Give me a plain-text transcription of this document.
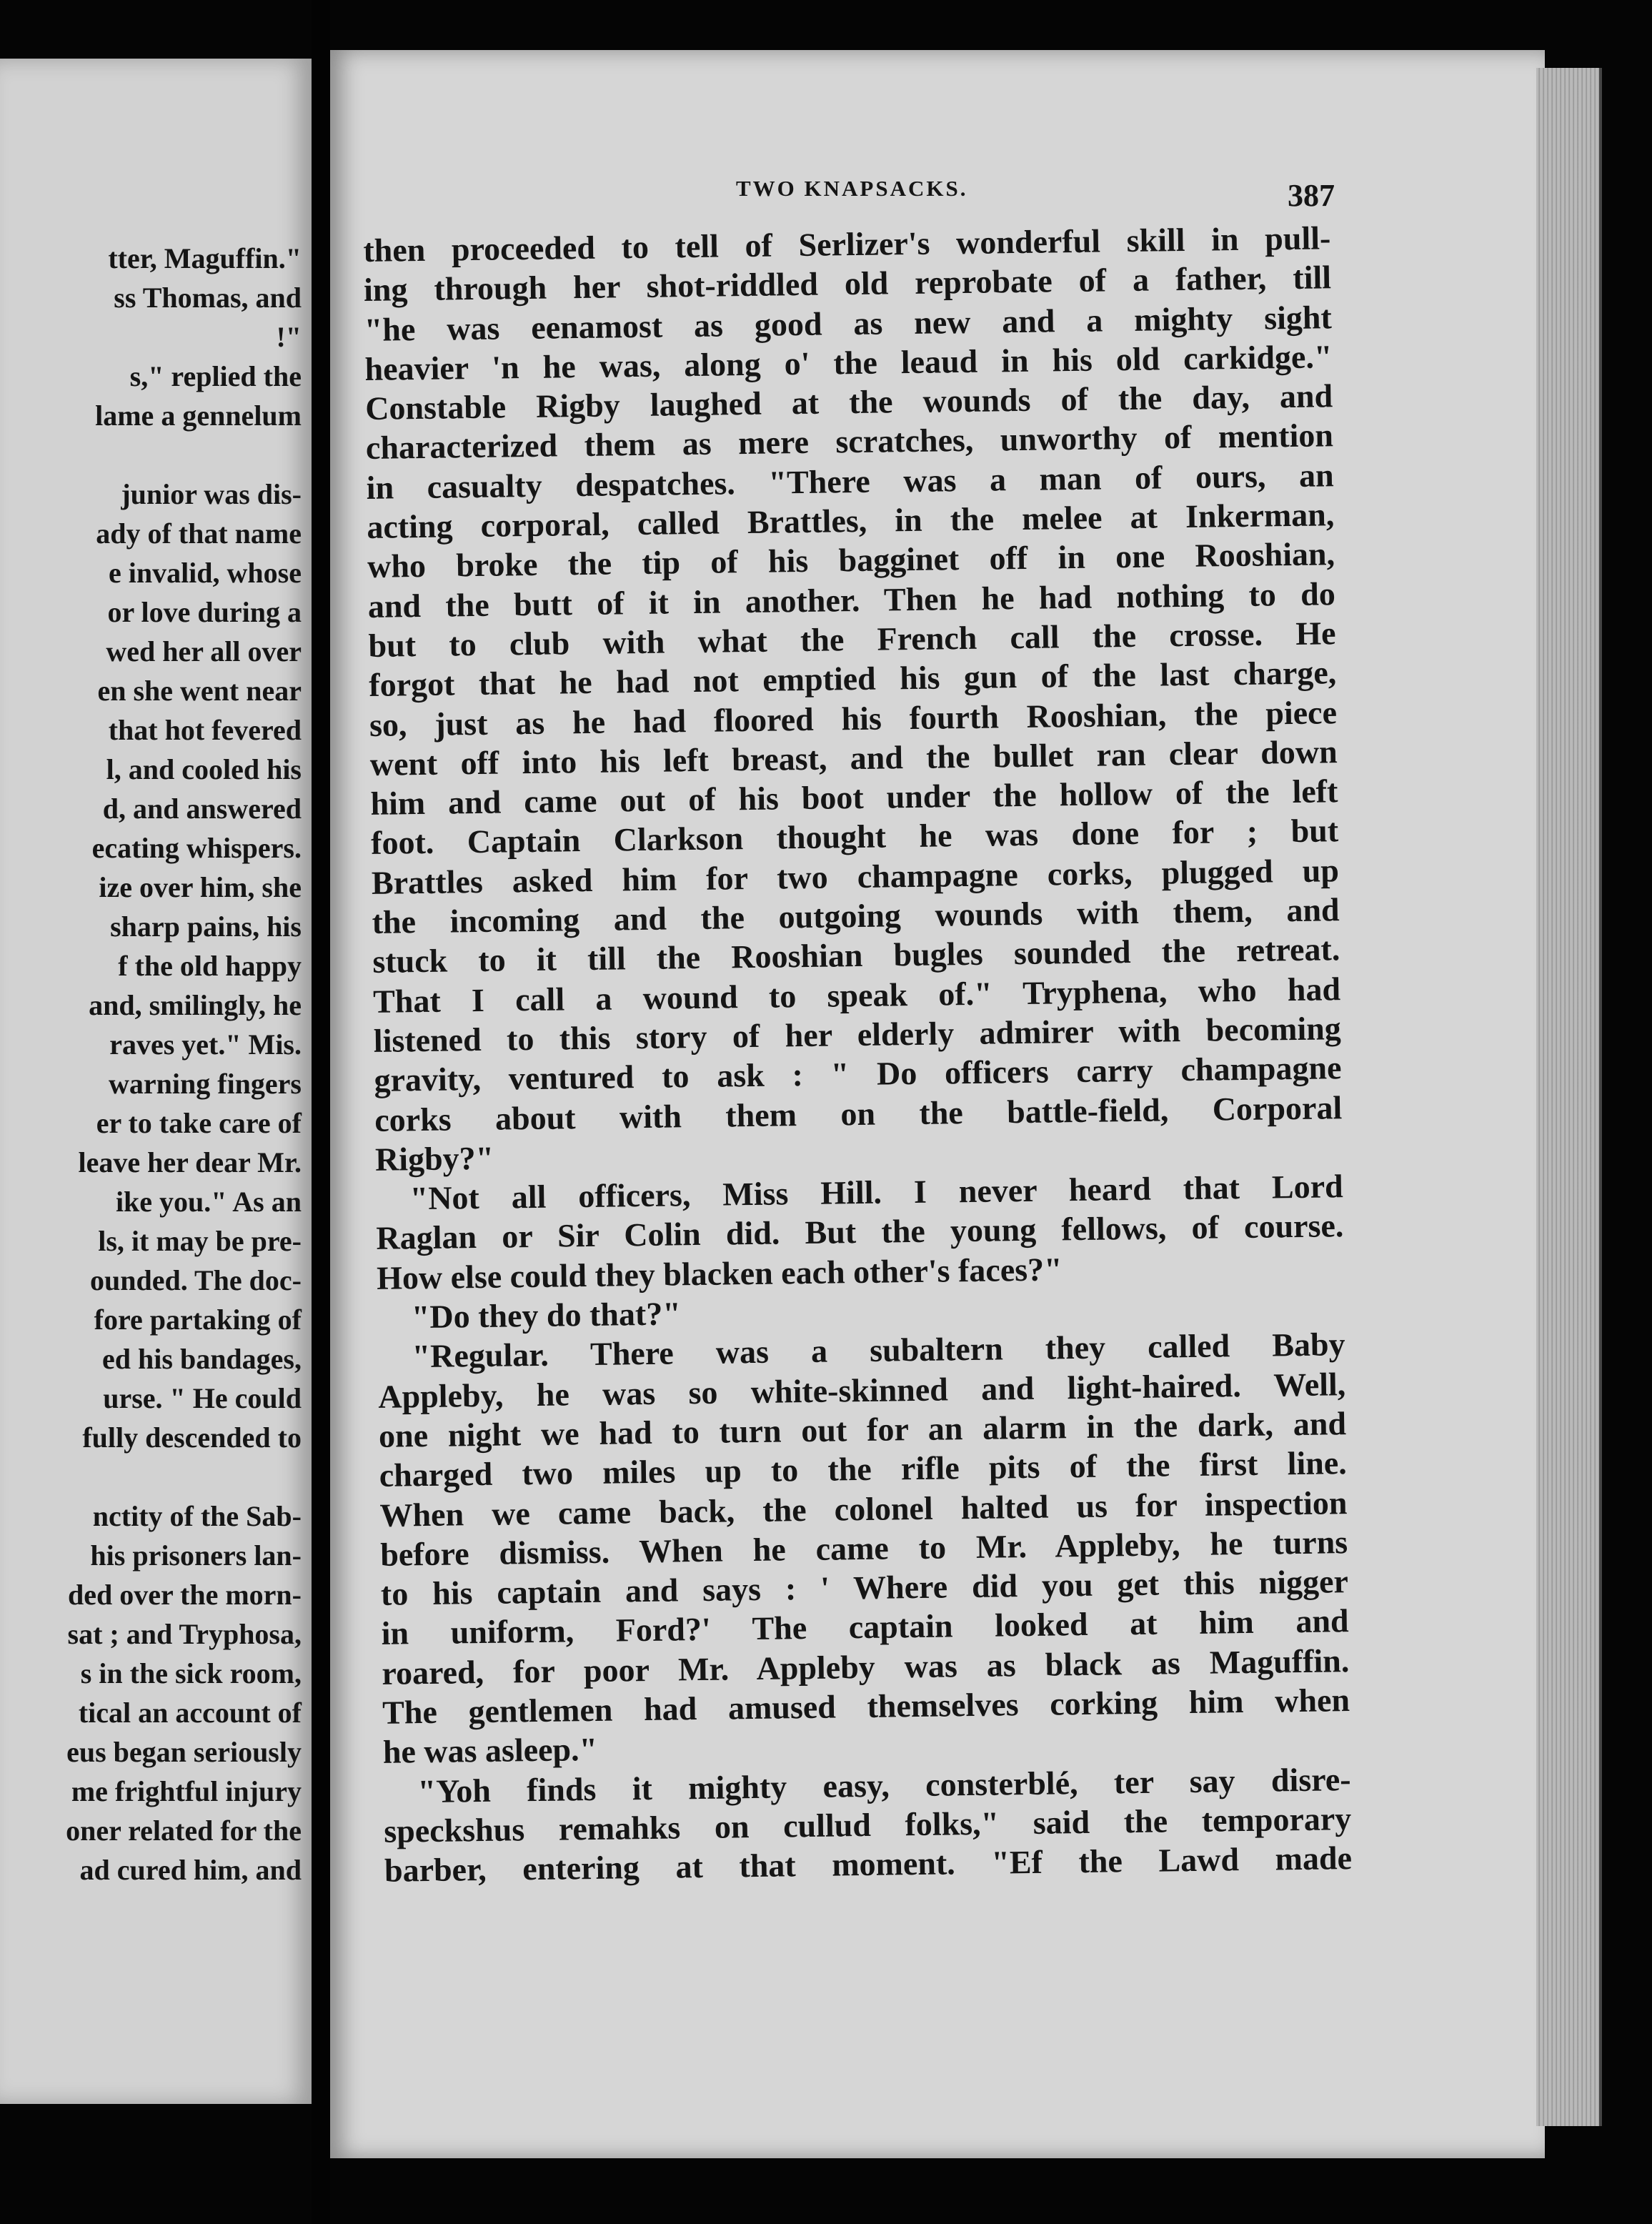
tter, Maguffin."
ss Thomas, and
!"
s," replied the
lame a gennelum
junior was dis-
ady of that name
e invalid, whose
or love during a
wed her all over
en she went near
that hot fevered
l, and cooled his
d, and answered
ecating whispers.
ize over him, she
sharp pains, his
f the old happy
and, smilingly, he
raves yet." Mis.
warning fingers
er to take care of
leave her dear Mr.
ike you." As an
ls, it may be pre-
ounded. The doc-
fore partaking of
ed his bandages,
urse. " He could
fully descended to
nctity of the Sab-
his prisoners lan-
ded over the morn-
sat ; and Tryphosa,
s in the sick room,
tical an account of
eus began seriously
me frightful injury
oner related for the
ad cured him, and
TWO KNAPSACKS.	387
then proceeded to tell of Serlizer's wonderful skill in pull-
ing through her shot-riddled old reprobate of a father, till
"he was eenamost as good as new and a mighty sight
heavier 'n he was, along o' the leaud in his old carkidge."
Constable Rigby laughed at the wounds of the day, and
characterized them as mere scratches, unworthy of mention
in casualty despatches. "There was a man of ours, an
acting corporal, called Brattles, in the melee at Inkerman,
who broke the tip of his bagginet off in one Rooshian,
and the butt of it in another. Then he had nothing to do
but to club with what the French call the crosse. He
forgot that he had not emptied his gun of the last charge,
so, just as he had floored his fourth Rooshian, the piece
went off into his left breast, and the bullet ran clear down
him and came out of his boot under the hollow of the left
foot. Captain Clarkson thought he was done for ; but
Brattles asked him for two champagne corks, plugged up
the incoming and the outgoing wounds with them, and
stuck to it till the Rooshian bugles sounded the retreat.
That I call a wound to speak of." Tryphena, who had
listened to this story of her elderly admirer with becoming
gravity, ventured to ask : " Do officers carry champagne
corks about with them on the battle-field, Corporal
Rigby?"
"Not all officers, Miss Hill. I never heard that Lord
Raglan or Sir Colin did. But the young fellows, of course.
How else could they blacken each other's faces?"
"Do they do that?"
"Regular. There was a subaltern they called Baby
Appleby, he was so white-skinned and light-haired. Well,
one night we had to turn out for an alarm in the dark, and
charged two miles up to the rifle pits of the first line.
When we came back, the colonel halted us for inspection
before dismiss. When he came to Mr. Appleby, he turns
to his captain and says : ' Where did you get this nigger
in uniform, Ford?' The captain looked at him and
roared, for poor Mr. Appleby was as black as Maguffin.
The gentlemen had amused themselves corking him when
he was asleep."
"Yoh finds it mighty easy, consterblé, ter say disre-
speckshus remahks on cullud folks," said the temporary
barber, entering at that moment. "Ef the Lawd made
